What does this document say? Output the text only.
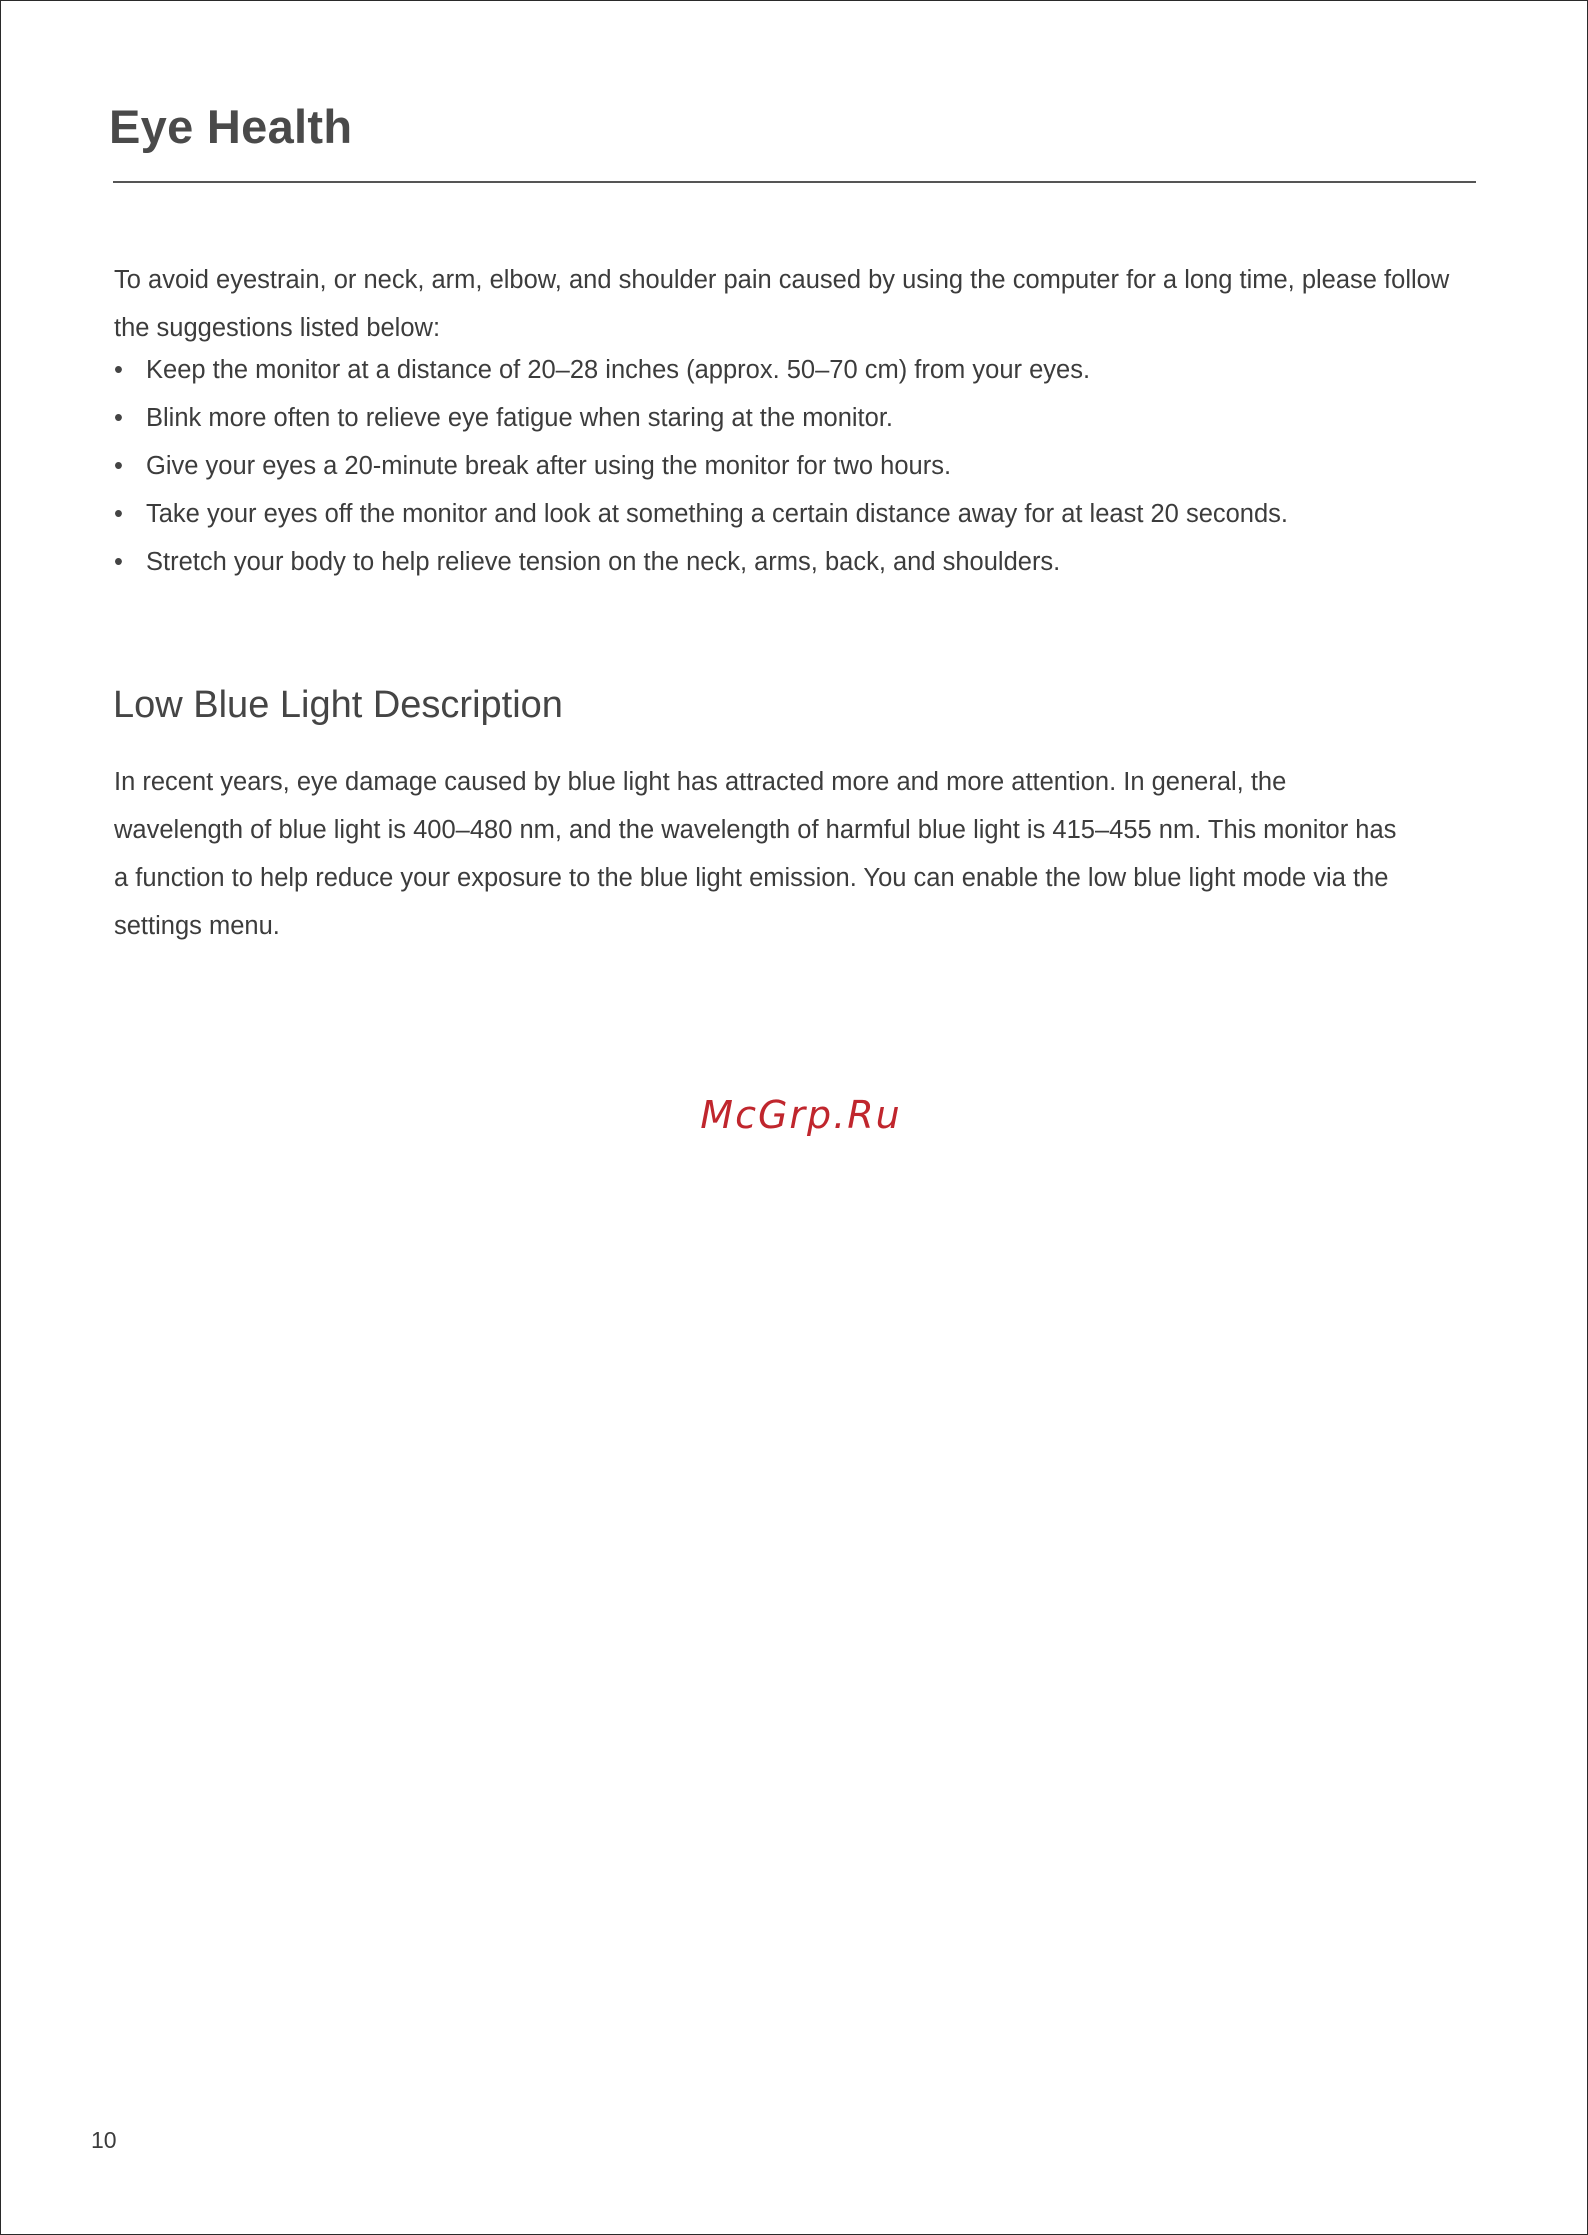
Eye Health
To avoid eyestrain, or neck, arm, elbow, and shoulder pain caused by using the computer for a long time, please follow the suggestions listed below:
• Keep the monitor at a distance of 20–28 inches (approx. 50–70 cm) from your eyes.
• Blink more often to relieve eye fatigue when staring at the monitor.
• Give your eyes a 20-minute break after using the monitor for two hours.
• Take your eyes off the monitor and look at something a certain distance away for at least 20 seconds.
• Stretch your body to help relieve tension on the neck, arms, back, and shoulders.
Low Blue Light Description
In recent years, eye damage caused by blue light has attracted more and more attention. In general, the wavelength of blue light is 400–480 nm, and the wavelength of harmful blue light is 415–455 nm. This monitor has a function to help reduce your exposure to the blue light emission. You can enable the low blue light mode via the settings menu.
McGrp.Ru
10
